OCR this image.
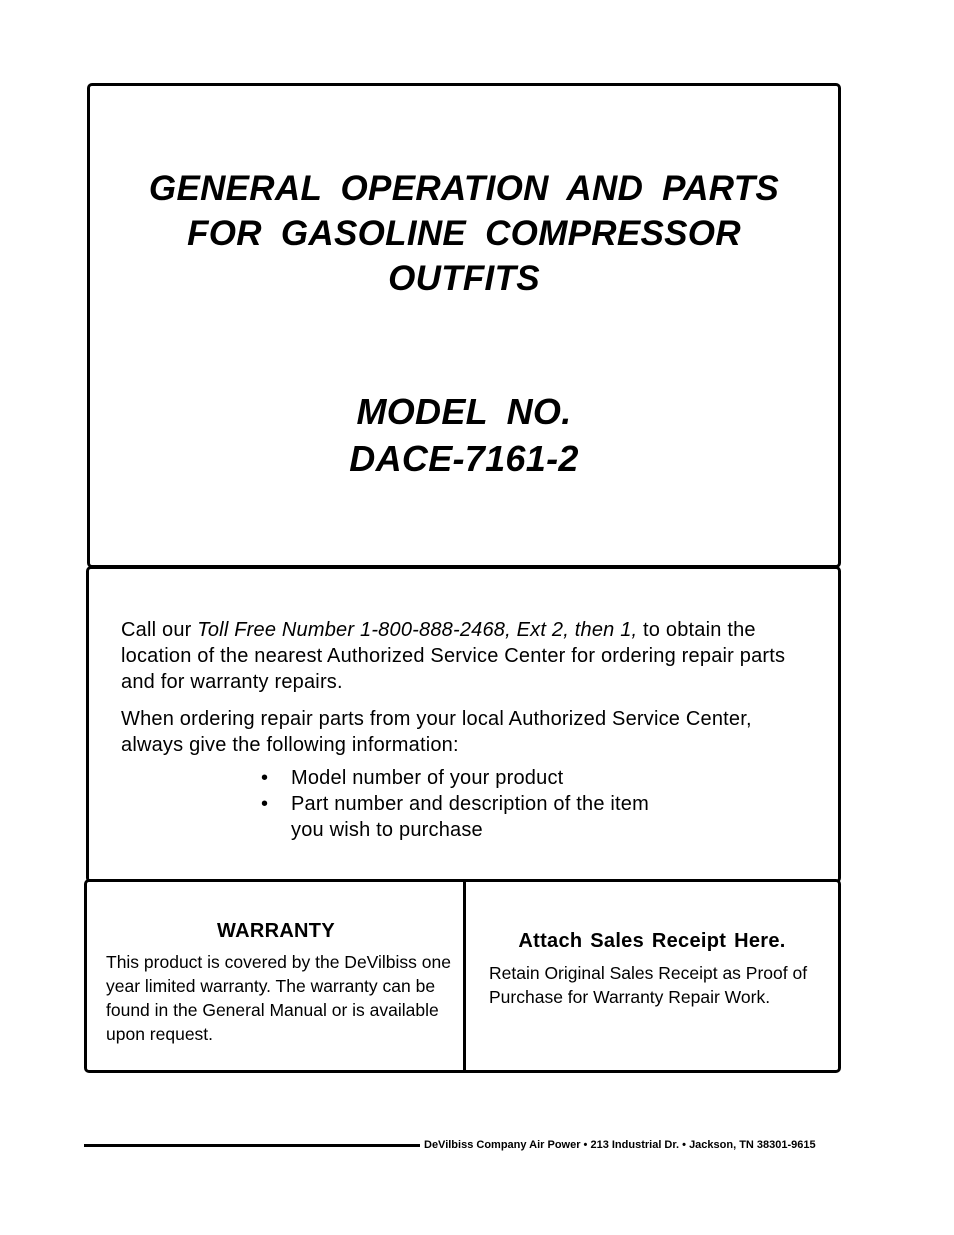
GENERAL OPERATION AND PARTS
FOR GASOLINE COMPRESSOR
OUTFITS
MODEL NO.
DACE-7161-2

Call our Toll Free Number 1-800-888-2468, Ext 2, then 1, to obtain the location of the nearest Authorized Service Center for ordering repair parts and for warranty repairs.

When ordering repair parts from your local Authorized Service Center, always give the following information:

• Model number of your product
• Part number and description of the item you wish to purchase
WARRANTY

This product is covered by the DeVilbiss one year limited warranty. The warranty can be found in the General Manual or is available upon request.

Attach Sales Receipt Here.

Retain Original Sales Receipt as Proof of Purchase for Warranty Repair Work.

DeVilbiss Company Air Power • 213 Industrial Dr. • Jackson, TN 38301-9615
